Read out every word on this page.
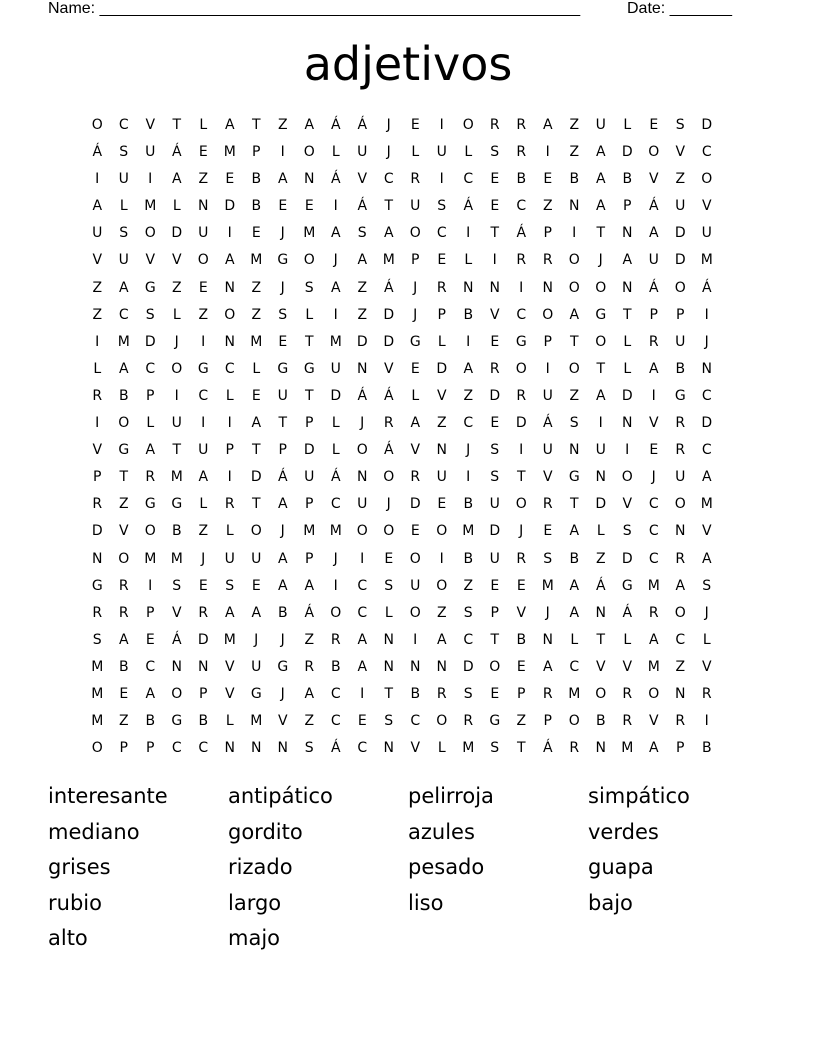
Name: ______________________________________________________	Date: _______
adjetivos
O	C	V	T	L	A	T	Z	A	Á	Á	J	E	I	O	R	R	A	Z	U	L	E	S	D
Á	S	U	Á	E	M	P	I	O	L	U	J	L	U	L	S	R	I	Z	A	D	O	V	C
I	U	I	A	Z	E	B	A	N	Á	V	C	R	I	C	E	B	E	B	A	B	V	Z	O
A	L	M	L	N	D	B	E	E	I	Á	T	U	S	Á	E	C	Z	N	A	P	Á	U	V
U	S	O	D	U	I	E	J	M	A	S	A	O	C	I	T	Á	P	I	T	N	A	D	U
V	U	V	V	O	A	M	G	O	J	A	M	P	E	L	I	R	R	O	J	A	U	D	M
Z	A	G	Z	E	N	Z	J	S	A	Z	Á	J	R	N	N	I	N	O	O	N	Á	O	Á
Z	C	S	L	Z	O	Z	S	L	I	Z	D	J	P	B	V	C	O	A	G	T	P	P	I
I	M	D	J	I	N	M	E	T	M	D	D	G	L	I	E	G	P	T	O	L	R	U	J
L	A	C	O	G	C	L	G	G	U	N	V	E	D	A	R	O	I	O	T	L	A	B	N
R	B	P	I	C	L	E	U	T	D	Á	Á	L	V	Z	D	R	U	Z	A	D	I	G	C
I	O	L	U	I	I	A	T	P	L	J	R	A	Z	C	E	D	Á	S	I	N	V	R	D
V	G	A	T	U	P	T	P	D	L	O	Á	V	N	J	S	I	U	N	U	I	E	R	C
P	T	R	M	A	I	D	Á	U	Á	N	O	R	U	I	S	T	V	G	N	O	J	U	A
R	Z	G	G	L	R	T	A	P	C	U	J	D	E	B	U	O	R	T	D	V	C	O	M
D	V	O	B	Z	L	O	J	M	M	O	O	E	O	M	D	J	E	A	L	S	C	N	V
N	O	M	M	J	U	U	A	P	J	I	E	O	I	B	U	R	S	B	Z	D	C	R	A
G	R	I	S	E	S	E	A	A	I	C	S	U	O	Z	E	E	M	A	Á	G	M	A	S
R	R	P	V	R	A	A	B	Á	O	C	L	O	Z	S	P	V	J	A	N	Á	R	O	J
S	A	E	Á	D	M	J	J	Z	R	A	N	I	A	C	T	B	N	L	T	L	A	C	L
M	B	C	N	N	V	U	G	R	B	A	N	N	N	D	O	E	A	C	V	V	M	Z	V
M	E	A	O	P	V	G	J	A	C	I	T	B	R	S	E	P	R	M	O	R	O	N	R
M	Z	B	G	B	L	M	V	Z	C	E	S	C	O	R	G	Z	P	O	B	R	V	R	I
O	P	P	C	C	N	N	N	S	Á	C	N	V	L	M	S	T	Á	R	N	M	A	P	B
interesante	antipático	pelirroja	simpático
mediano	gordito	azules	verdes
grises	rizado	pesado	guapa
rubio	largo	liso	bajo
alto	majo
